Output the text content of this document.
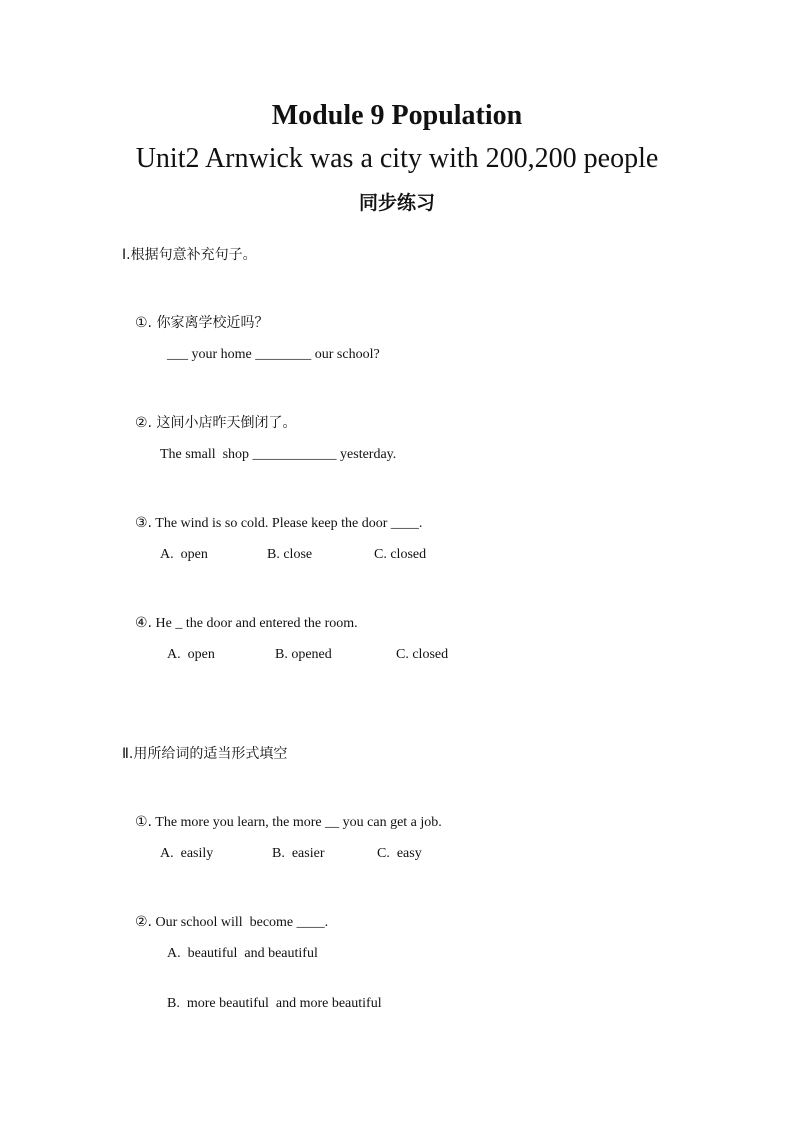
Module 9 Population
Unit2 Arnwick was a city with 200,200 people
同步练习
Ⅰ.根据句意补充句子。

①. 你家离学校近吗？

___ your home ________ our school?

②. 这间小店昨天倒闭了。

The small  shop ____________ yesterday.

③. The wind is so cold. Please keep the door ____.

A.  open	B. close	C. closed

④. He _ the door and entered the room.

A.  open	B. opened	C. closed
Ⅱ.用所给词的适当形式填空

①. The more you learn, the more __ you can get a job.

A.  easily	B.  easier	C.  easy

②. Our school will  become ____.

A.  beautiful  and beautiful
B.  more beautiful  and more beautiful
